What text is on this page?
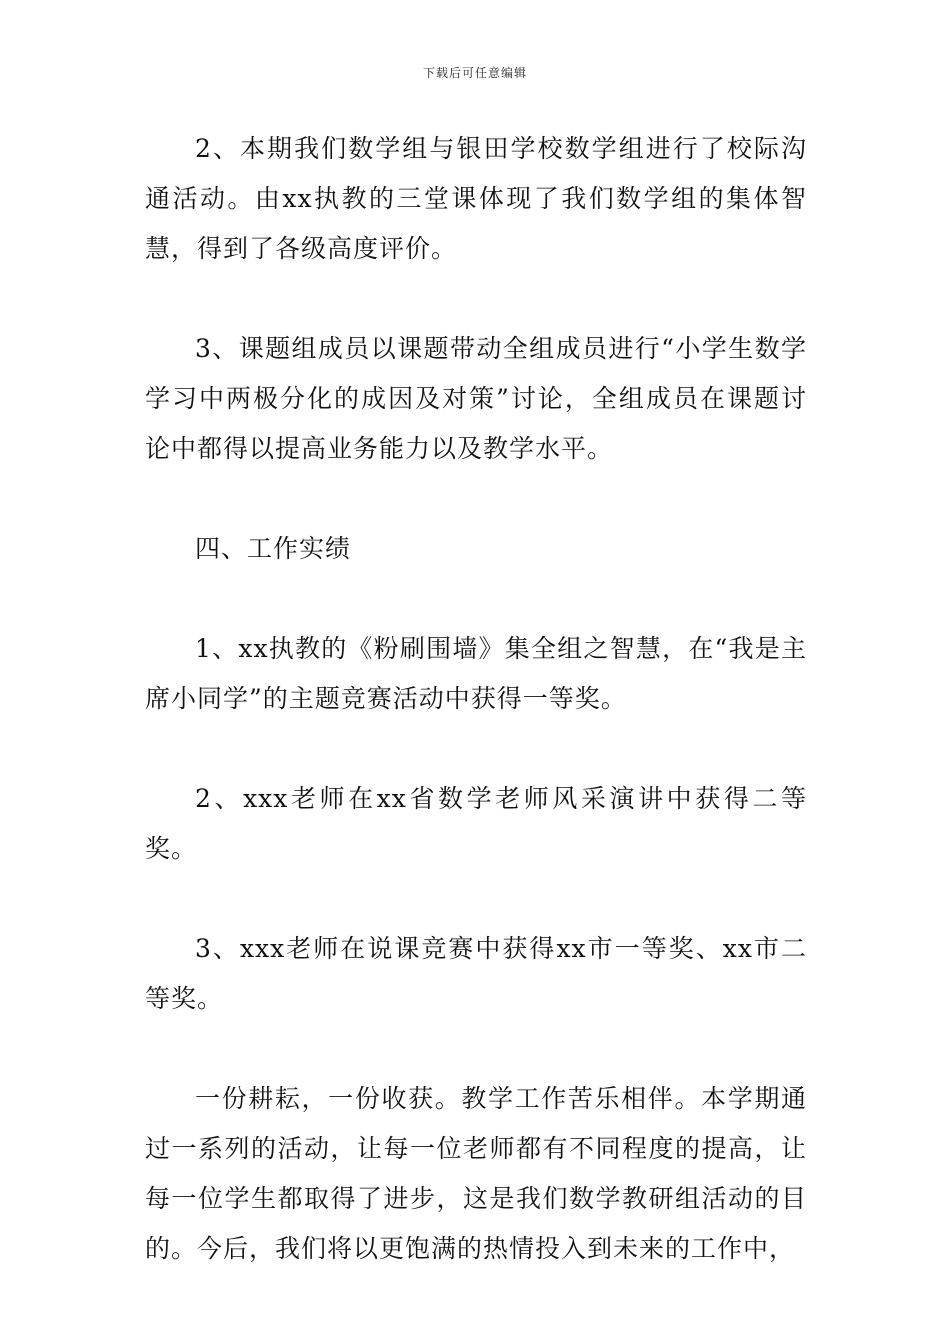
下载后可任意编辑

2、本期我们数学组与银田学校数学组进行了校际沟通活动。由xx执教的三堂课体现了我们数学组的集体智慧，得到了各级高度评价。

3、课题组成员以课题带动全组成员进行“小学生数学学习中两极分化的成因及对策”讨论，全组成员在课题讨论中都得以提高业务能力以及教学水平。

四、工作实绩

1、xx执教的《粉刷围墙》集全组之智慧，在“我是主席小同学”的主题竞赛活动中获得一等奖。

2、xxx老师在xx省数学老师风采演讲中获得二等奖。

3、xxx老师在说课竞赛中获得xx市一等奖、xx市二等奖。

一份耕耘，一份收获。教学工作苦乐相伴。本学期通过一系列的活动，让每一位老师都有不同程度的提高，让每一位学生都取得了进步，这是我们数学教研组活动的目的。今后，我们将以更饱满的热情投入到未来的工作中，
